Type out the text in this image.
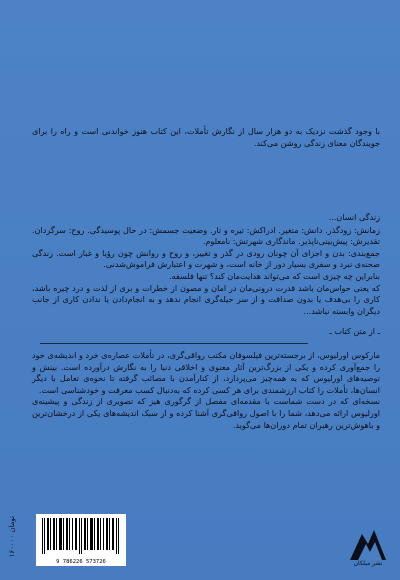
با وجود گذشت نزدیک به دو هزار سال از نگارش تأملات، این کتاب هنوز خواندنی است و راه را برای جویندگان معنای زندگی روشن می‌کند.

زندگی انسان...

زمانش: زودگذر. دانش: متغیر. ادراکش: تیره و تار. وضعیت جسمش: در حال پوسیدگی. روح: سرگردان. تقدیرش: پیش‌بینی‌ناپذیر. ماندگاری شهرتش: نامعلوم.

جمع‌بندی: بدن و اجزای آن چونان رودی در گذر و تغییر، و روح و روانش چون رؤیا و غبار است. زندگی صحنه‌ی نبرد و سفری بسیار دور از خانه است، و شهرت و اعتبارش فراموش‌شدنی.

بنابراین چه چیزی است که می‌تواند هدایت‌مان کند؟ تنها فلسفه.

که یعنی حواس‌مان باشد قدرت درونی‌مان در امان و مصون از خطرات و بری از لذت و درد چیره باشد، کاری را بی‌هدف یا بدون صداقت و از سر حیله‌گری انجام ندهد و به انجام‌دادن یا ندادن کاری از جانب دیگران وابسته نباشد...

ـ از متن کتاب ـ

مارکوس اورلیوس، از برجسته‌ترین فیلسوفان مکتب رواقی‌گری، در تأملات عصاره‌ی خرد و اندیشه‌ی خود را جمع‌آوری کرده و یکی از بزرگ‌ترین آثار معنوی و اخلاقی دنیا را به نگارش درآورده است. بینش و توصیه‌های اورلیوس که به همه‌چیز می‌پردازد، از کنارآمدن با مصائب گرفته تا نحوه‌ی تعامل با دیگر انسان‌ها، تأملات را کتاب ارزشمندی برای هر کسی کرده که به‌دنبال کسب معرفت و خودشناسی است.

نسخه‌ای که در دست شماست با مقدمه‌ای مفصل از گرگوری هیز که تصویری از زندگی و پیشینه‌ی اورلیوس ارائه می‌دهد، شما را با اصول رواقی‌گری آشنا کرده و از سبک اندیشه‌های یکی از درخشان‌ترین و باهوش‌ترین رهبران تمام دوران‌ها می‌گوید.

۱۶۰۰۰۰ تومان
9 786226 573726	نشر میلکان
